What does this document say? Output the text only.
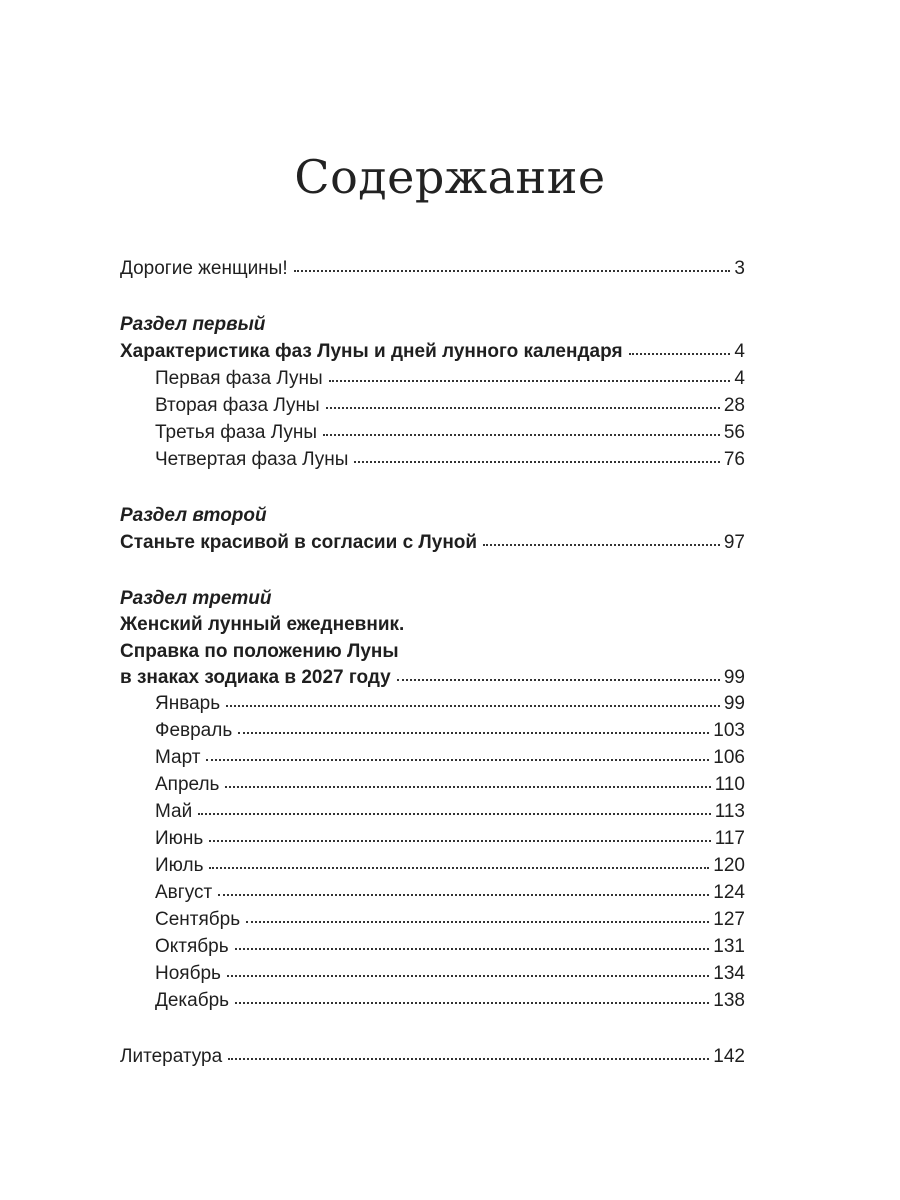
Содержание
Дорогие женщины!	3
Раздел первый
Характеристика фаз Луны и дней лунного календаря	4
Первая фаза Луны	4
Вторая фаза Луны	28
Третья фаза Луны	56
Четвертая фаза Луны	76
Раздел второй
Станьте красивой в согласии с Луной	97
Раздел третий
Женский лунный ежедневник.
Справка по положению Луны
в знаках зодиака в 2027 году	99
Январь	99
Февраль	103
Март	106
Апрель	110
Май	113
Июнь	117
Июль	120
Август	124
Сентябрь	127
Октябрь	131
Ноябрь	134
Декабрь	138
Литература	142
